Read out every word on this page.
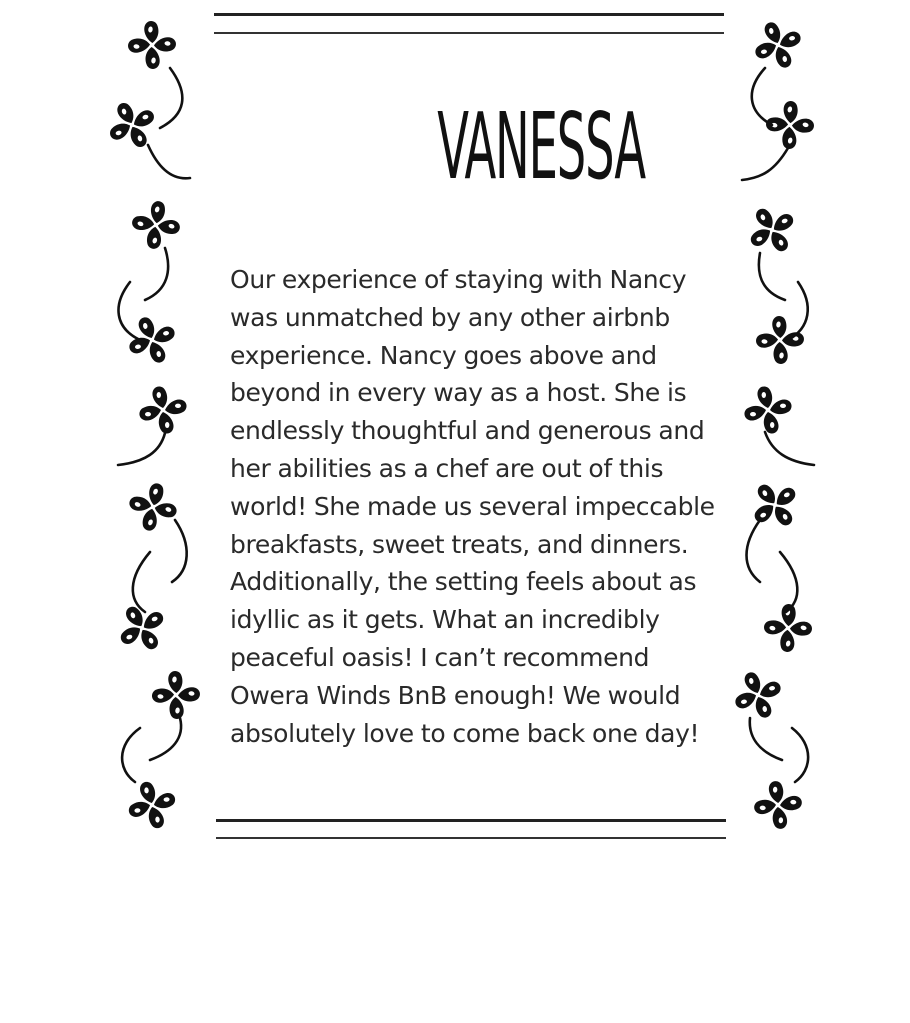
VANESSA
Our experience of staying with Nancy
was unmatched by any other airbnb
experience. Nancy goes above and
beyond in every way as a host. She is
endlessly thoughtful and generous and
her abilities as a chef are out of this
world! She made us several impeccable
breakfasts, sweet treats, and dinners.
Additionally, the setting feels about as
idyllic as it gets. What an incredibly
peaceful oasis! I can’t recommend
Owera Winds BnB enough! We would
absolutely love to come back one day!
